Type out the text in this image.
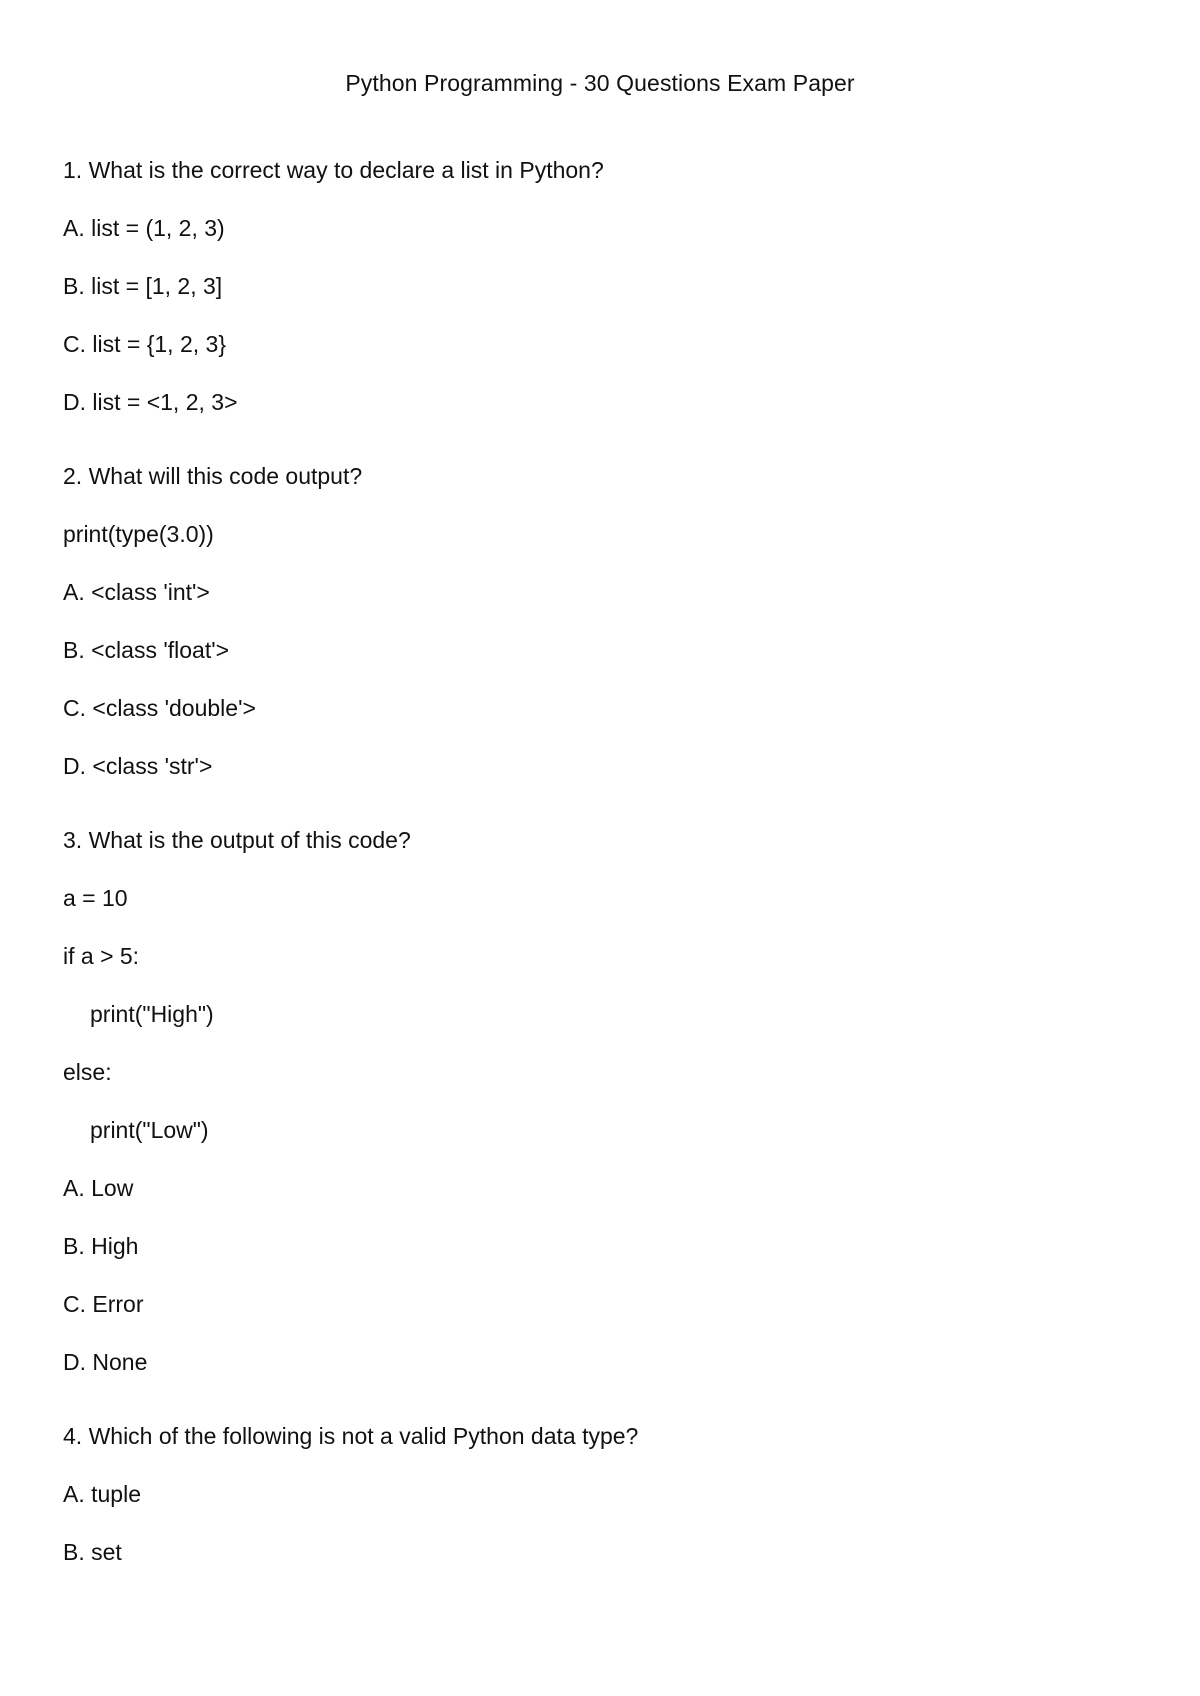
Python Programming - 30 Questions Exam Paper
1. What is the correct way to declare a list in Python?
A. list = (1, 2, 3)
B. list = [1, 2, 3]
C. list = {1, 2, 3}
D. list = <1, 2, 3>
2. What will this code output?
print(type(3.0))
A. <class 'int'>
B. <class 'float'>
C. <class 'double'>
D. <class 'str'>
3. What is the output of this code?
a = 10
if a > 5:
print("High")
else:
print("Low")
A. Low
B. High
C. Error
D. None
4. Which of the following is not a valid Python data type?
A. tuple
B. set
